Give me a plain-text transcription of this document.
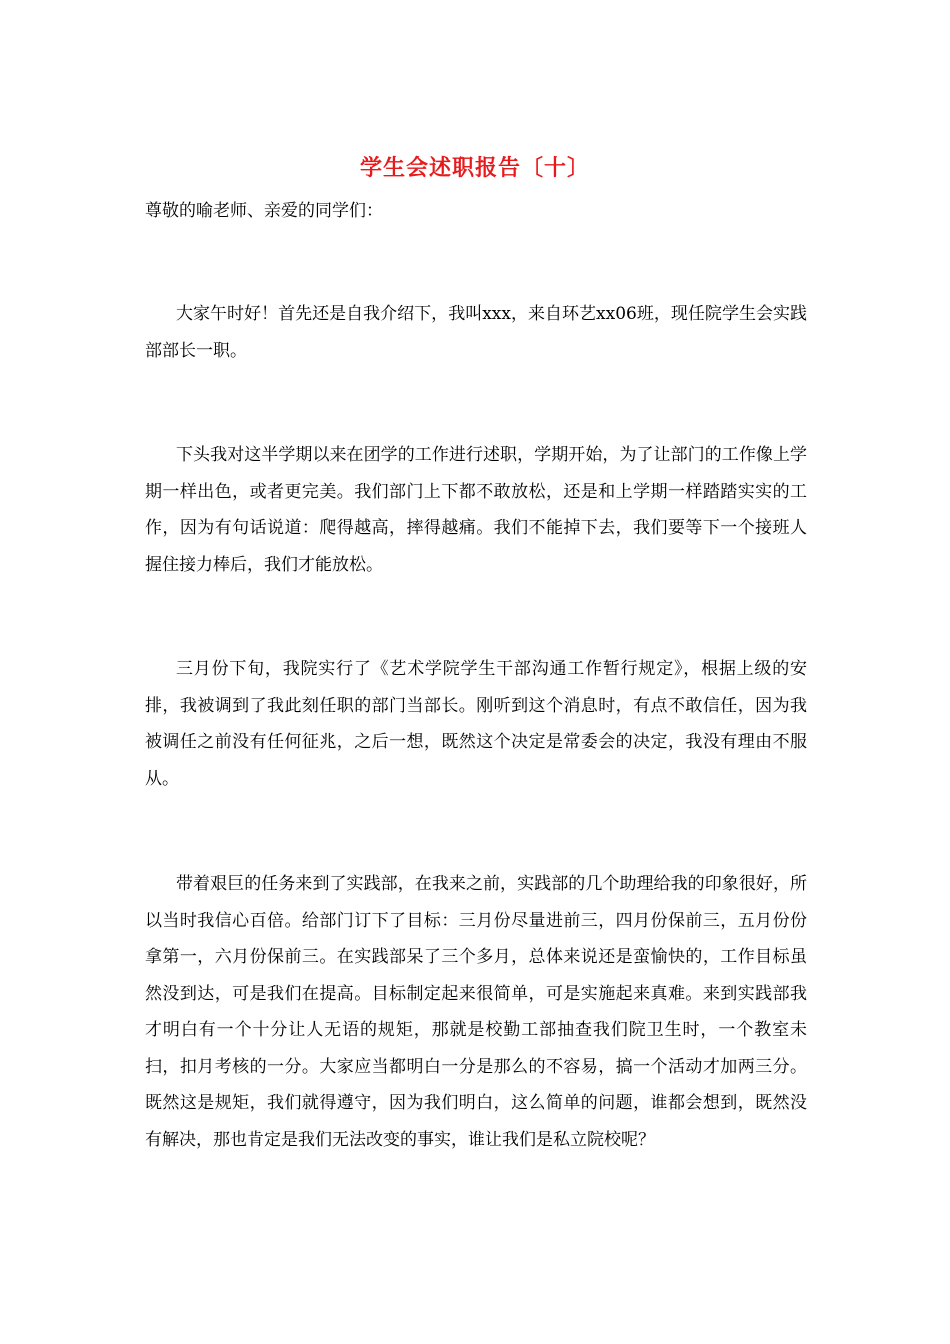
学生会述职报告〔十〕
尊敬的喻老师、亲爱的同学们：

大家午时好！首先还是自我介绍下，我叫xxx，来自环艺xx06班，现任院学生会实践部部长一职。

下头我对这半学期以来在团学的工作进行述职，学期开始，为了让部门的工作像上学期一样出色，或者更完美。我们部门上下都不敢放松，还是和上学期一样踏踏实实的工作，因为有句话说道：爬得越高，摔得越痛。我们不能掉下去，我们要等下一个接班人握住接力棒后，我们才能放松。

三月份下旬，我院实行了《艺术学院学生干部沟通工作暂行规定》，根据上级的安排，我被调到了我此刻任职的部门当部长。刚听到这个消息时，有点不敢信任，因为我被调任之前没有任何征兆，之后一想，既然这个决定是常委会的决定，我没有理由不服从。

带着艰巨的任务来到了实践部，在我来之前，实践部的几个助理给我的印象很好，所以当时我信心百倍。给部门订下了目标：三月份尽量进前三，四月份保前三，五月份份拿第一，六月份保前三。在实践部呆了三个多月，总体来说还是蛮愉快的，工作目标虽然没到达，可是我们在提高。目标制定起来很简单，可是实施起来真难。来到实践部我才明白有一个十分让人无语的规矩，那就是校勤工部抽查我们院卫生时，一个教室未扫，扣月考核的一分。大家应当都明白一分是那么的不容易，搞一个活动才加两三分。既然这是规矩，我们就得遵守，因为我们明白，这么简单的问题，谁都会想到，既然没有解决，那也肯定是我们无法改变的事实，谁让我们是私立院校呢？
